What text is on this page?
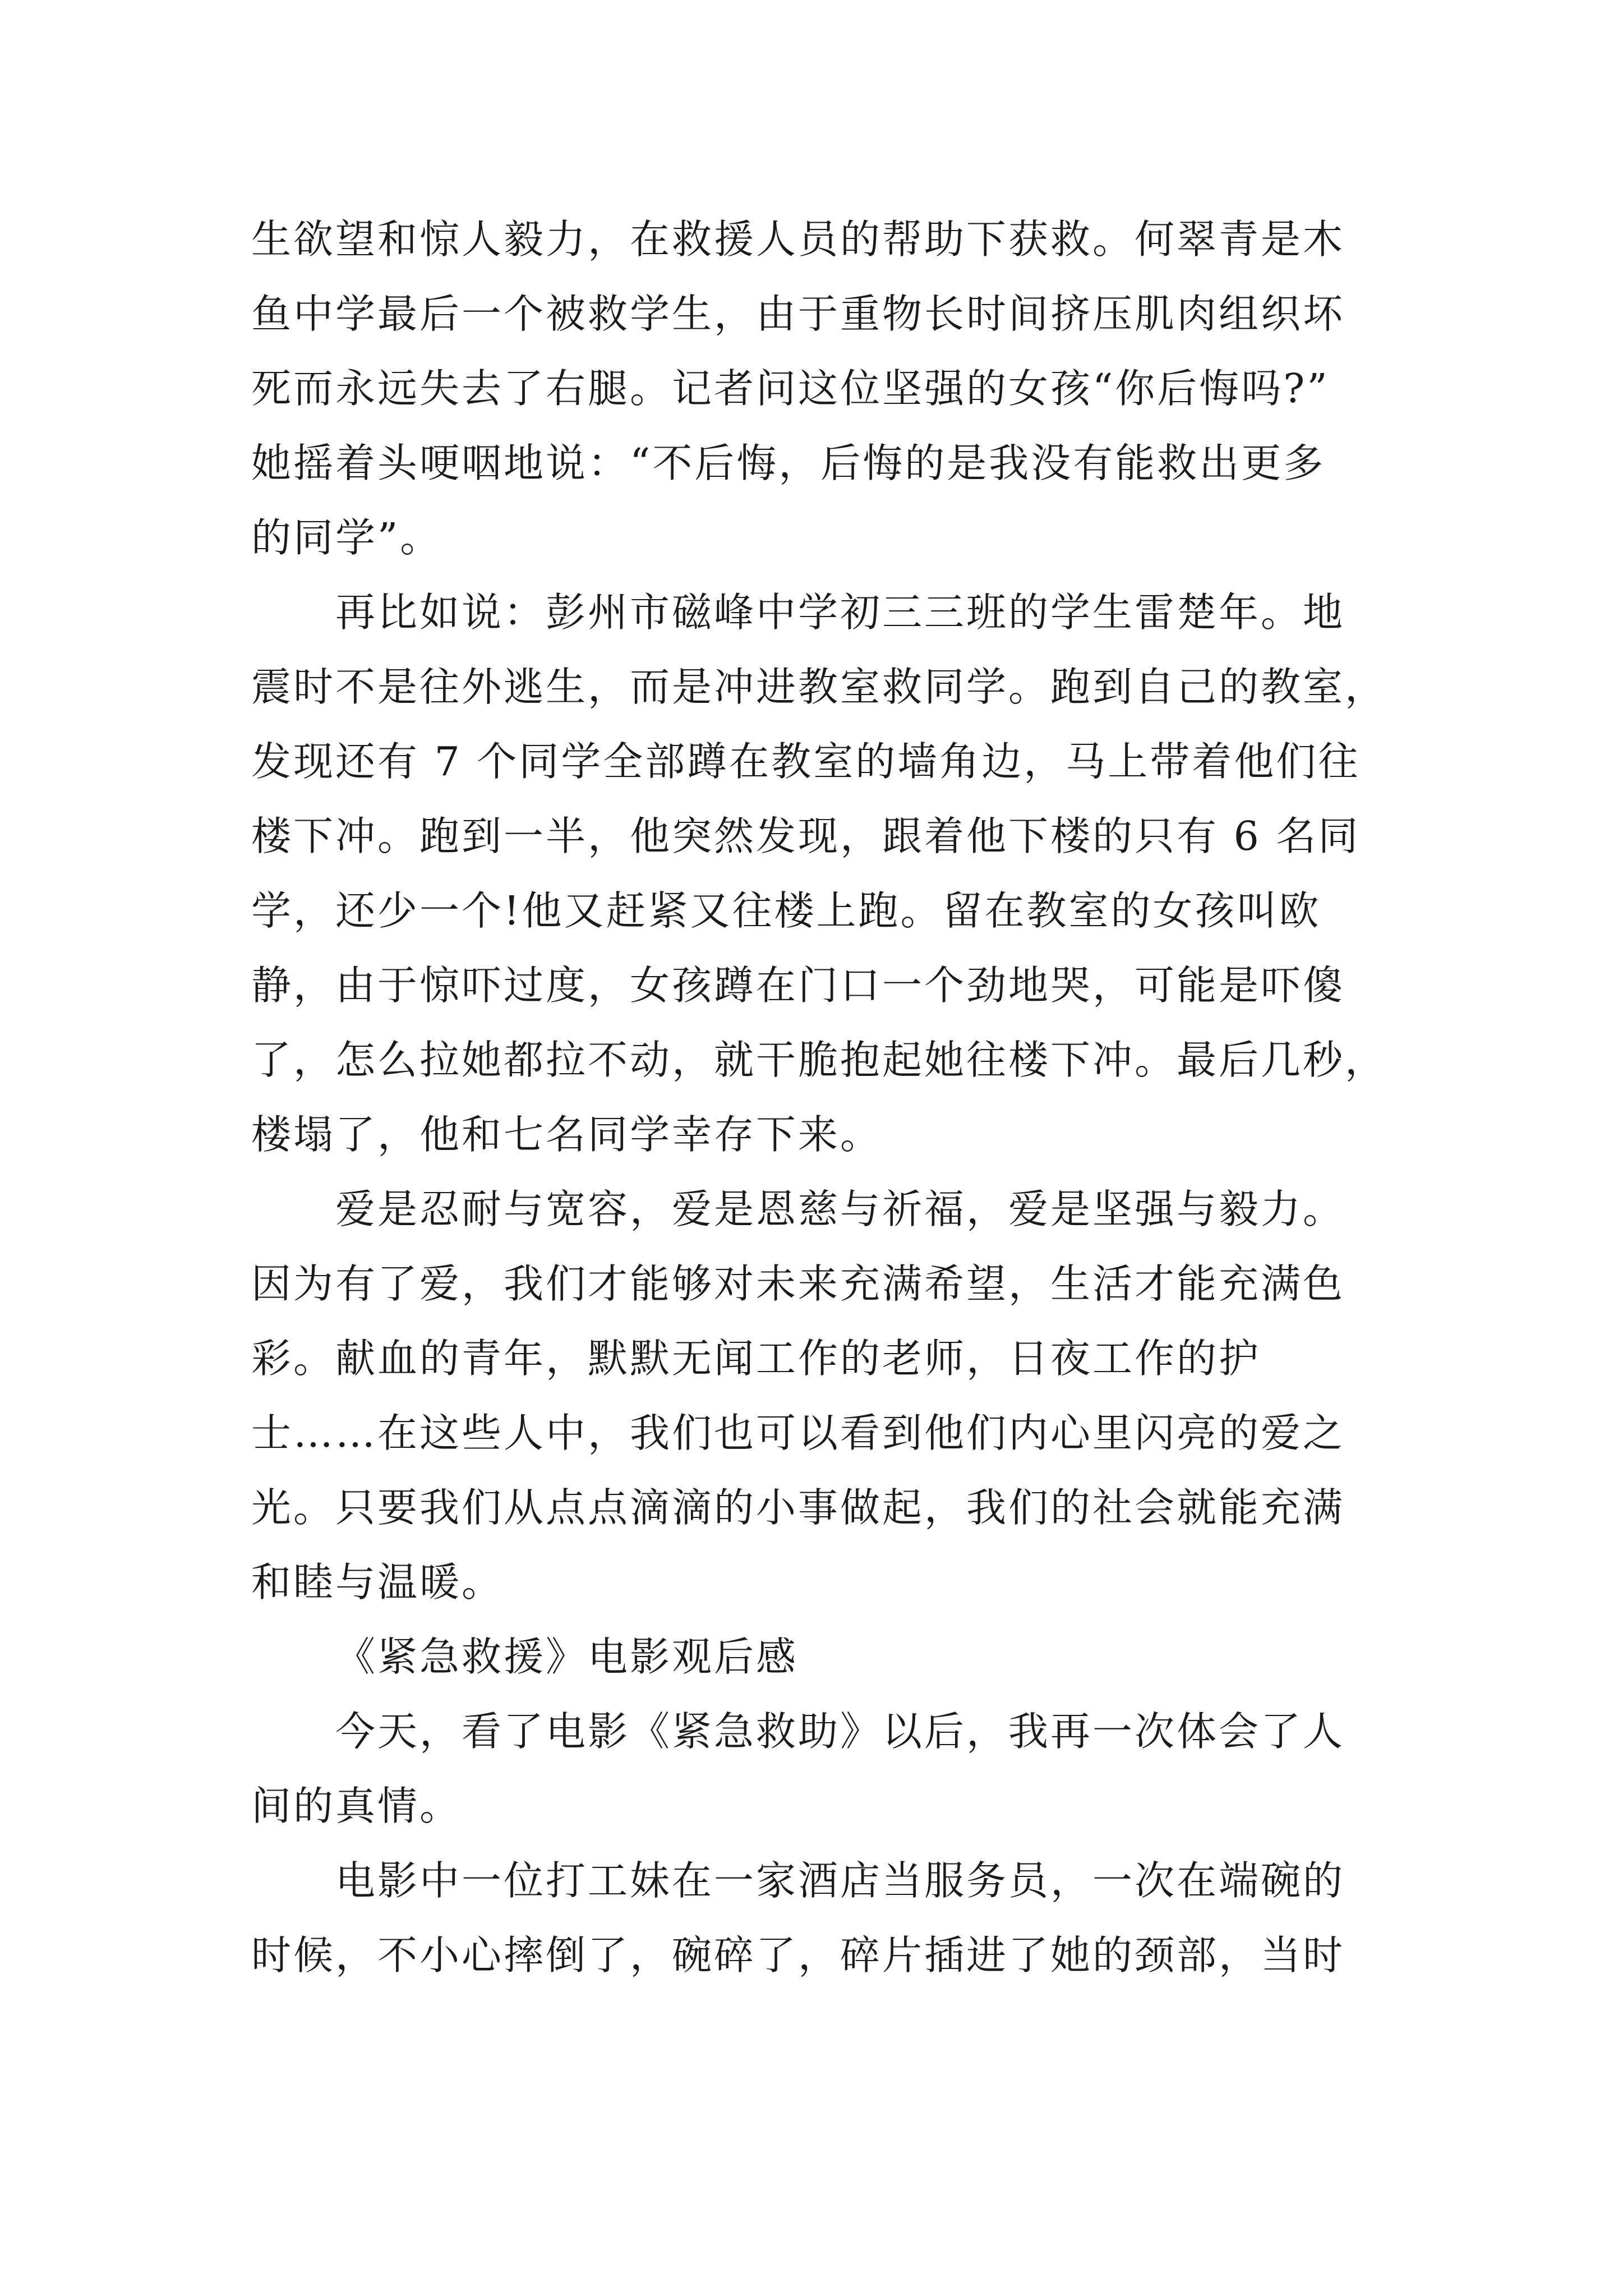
生欲望和惊人毅力，在救援人员的帮助下获救。何翠青是木
鱼中学最后一个被救学生，由于重物长时间挤压肌肉组织坏
死而永远失去了右腿。记者问这位坚强的女孩“你后悔吗?”
她摇着头哽咽地说：“不后悔，后悔的是我没有能救出更多
的同学”。
再比如说：彭州市磁峰中学初三三班的学生雷楚年。地
震时不是往外逃生，而是冲进教室救同学。跑到自己的教室，
发现还有 7 个同学全部蹲在教室的墙角边，马上带着他们往
楼下冲。跑到一半，他突然发现，跟着他下楼的只有 6 名同
学，还少一个!他又赶紧又往楼上跑。留在教室的女孩叫欧
静，由于惊吓过度，女孩蹲在门口一个劲地哭，可能是吓傻
了，怎么拉她都拉不动，就干脆抱起她往楼下冲。最后几秒，
楼塌了，他和七名同学幸存下来。
爱是忍耐与宽容，爱是恩慈与祈福，爱是坚强与毅力。
因为有了爱，我们才能够对未来充满希望，生活才能充满色
彩。献血的青年，默默无闻工作的老师，日夜工作的护
士……在这些人中，我们也可以看到他们内心里闪亮的爱之
光。只要我们从点点滴滴的小事做起，我们的社会就能充满
和睦与温暖。
《紧急救援》电影观后感
今天，看了电影《紧急救助》以后，我再一次体会了人
间的真情。
电影中一位打工妹在一家酒店当服务员，一次在端碗的
时候，不小心摔倒了，碗碎了，碎片插进了她的颈部，当时
